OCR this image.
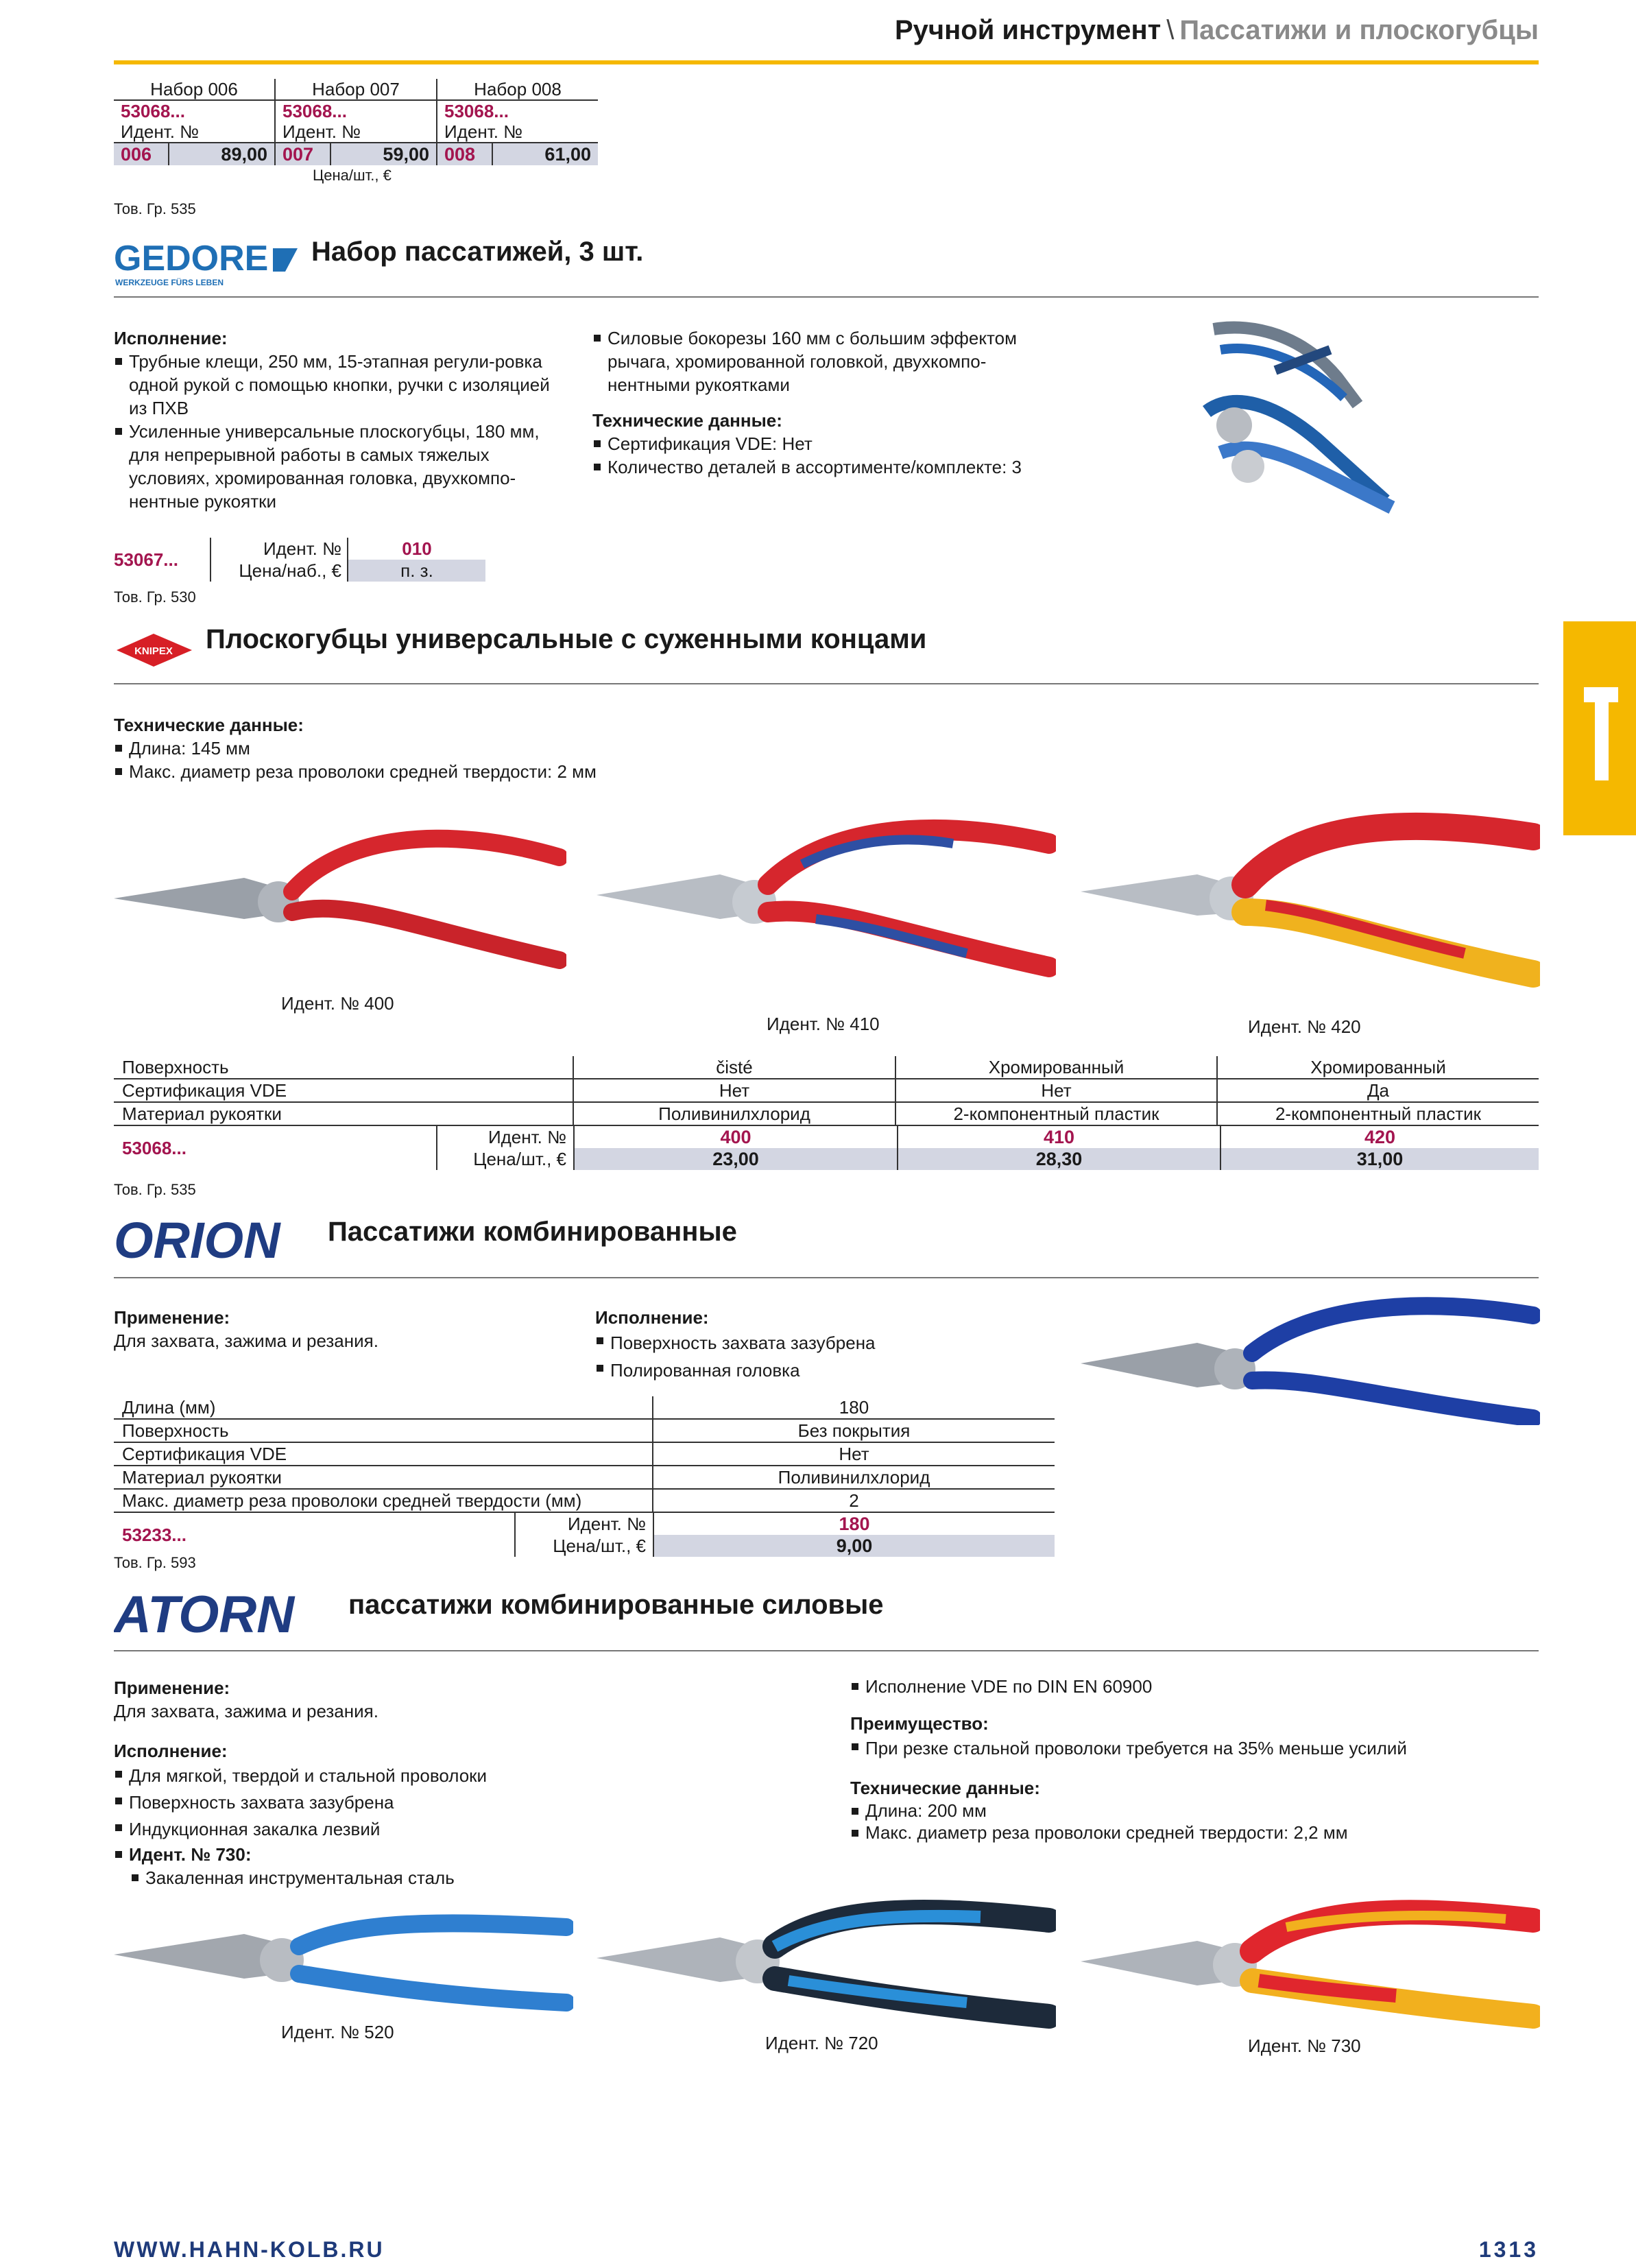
Ручной инструмент \ Пассатижи и плоскогубцы
Набор 006	Набор 007	Набор 008
53068...	53068...	53068...
Идент. №	Идент. №	Идент. №
006	89,00 007	59,00 008	61,00
Цена/шт., €
Тов. Гр. 535
GEDORE
WERKZEUGE FÜRS LEBEN
Набор пассатижей, 3 шт.
Исполнение:
Трубные клещи, 250 мм, 15-этапная регули-ровка одной рукой с помощью кнопки, ручки с изоляцией из ПХВ
Усиленные универсальные плоскогубцы, 180 мм, для непрерывной работы в самых тяжелых условиях, хромированная головка, двухкомпо-нентные рукоятки
Силовые бокорезы 160 мм с большим эффектом рычага, хромированной головкой, двухкомпо-нентными рукоятками
Технические данные:
Сертификация VDE: Нет
Количество деталей в ассортименте/комплекте: 3
53067...
Идент. №
Цена/наб., €
010
п. з.
Тов. Гр. 530
KNIPEX Плоскогубцы универсальные с суженными концами
Технические данные:
Длина: 145 мм
Макс. диаметр реза проволоки средней твердости: 2 мм
Идент. № 400
Идент. № 410	Идент. № 420
Поверхность	čisté	Хромированный	Хромированный
Сертификация VDE	Нет	Нет	Да
Материал рукоятки	Поливинилхлорид	2-компонентный пластик	2-компонентный пластик
53068...
Идент. №
Цена/шт., €
400	410	420
23,00	28,30	31,00
Тов. Гр. 535
ORION Пассатижи комбинированные
Применение:
Для захвата, зажима и резания.
Исполнение:
Поверхность захвата зазубрена
Полированная головка
Длина (мм)	180
Поверхность	Без покрытия
Сертификация VDE	Нет
Материал рукоятки	Поливинилхлорид
Макс. диаметр реза проволоки средней твердости (мм)	2
53233...
Идент. №
Цена/шт., €
180
9,00
Тов. Гр. 593
ATORN пассатижи комбинированные силовые
Применение:
Для захвата, зажима и резания.
Исполнение:
Для мягкой, твердой и стальной проволоки
Поверхность захвата зазубрена
Индукционная закалка лезвий
Идент. № 730:
Закаленная инструментальная сталь
Исполнение VDE по DIN EN 60900
Преимущество:
При резке стальной проволоки требуется на 35% меньше усилий
Технические данные:
Длина: 200 мм
Макс. диаметр реза проволоки средней твердости: 2,2 мм
Идент. № 520
Идент. № 720	Идент. № 730
WWW.HAHN-KOLB.RU	1313
